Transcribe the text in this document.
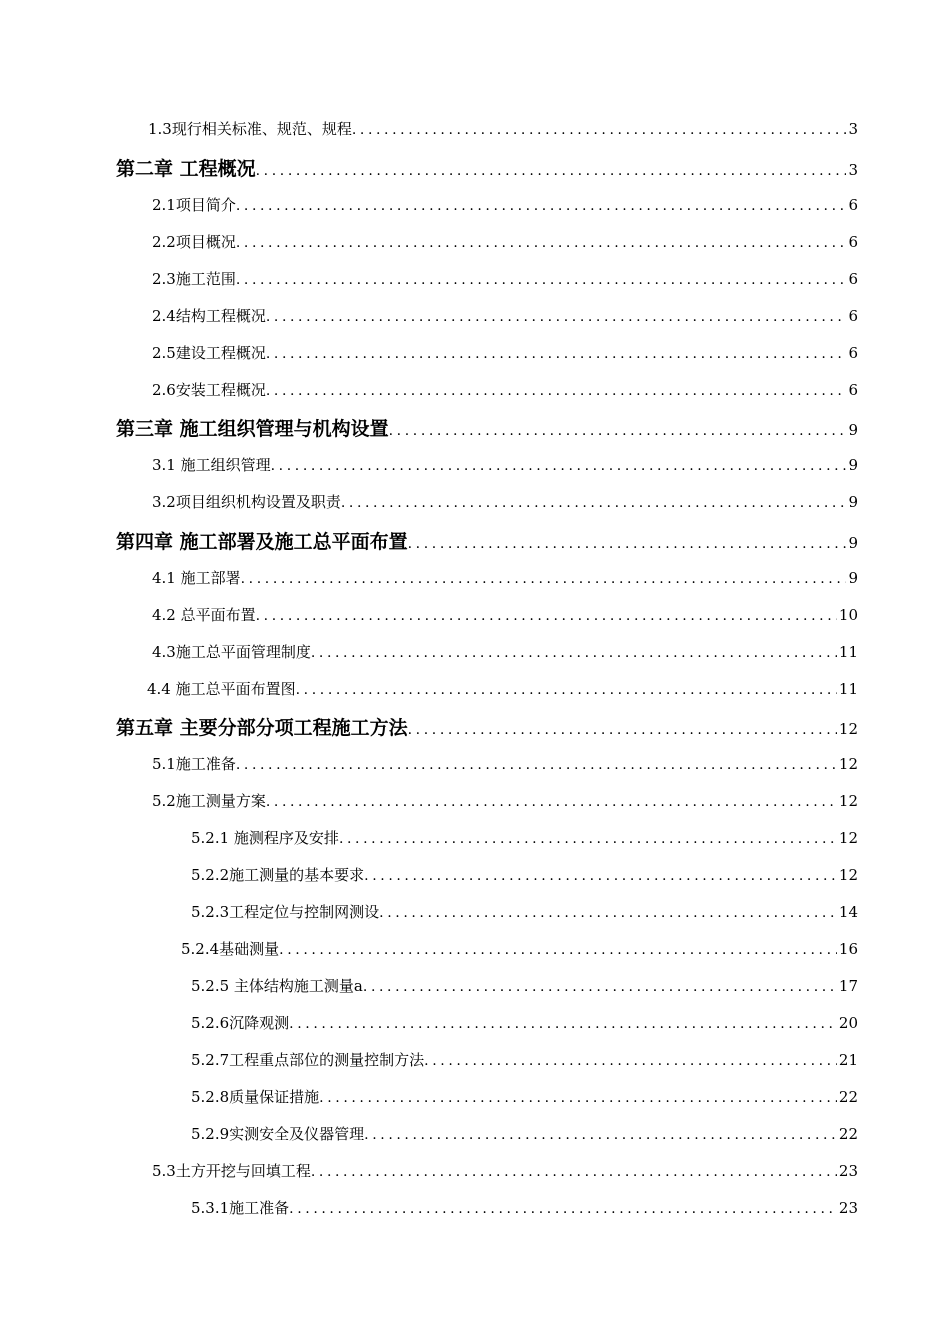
1.3现行相关标准、规范、规程 .....	3
第二章 工程概况 .....	3
2.1项目简介 .....	6
2.2项目概况 .....	6
2.3施工范围 .....	6
2.4结构工程概况 .....	6
2.5建设工程概况 .....	6
2.6安装工程概况 .....	6
第三章 施工组织管理与机构设置 .....	9
3.1 施工组织管理 .....	9
3.2项目组织机构设置及职责 .....	9
第四章 施工部署及施工总平面布置 .....	9
4.1 施工部署 .....	9
4.2 总平面布置 .....	10
4.3施工总平面管理制度 .....	11
4.4 施工总平面布置图 .....	11
第五章 主要分部分项工程施工方法 .....	12
5.1施工准备 .....	12
5.2施工测量方案 .....	12
5.2.1 施测程序及安排 .....	12
5.2.2施工测量的基本要求 .....	12
5.2.3工程定位与控制网测设 .....	14
5.2.4基础测量 .....	16
5.2.5 主体结构施工测量a .....	17
5.2.6沉降观测 .....	20
5.2.7工程重点部位的测量控制方法 .....	21
5.2.8质量保证措施 .....	22
5.2.9实测安全及仪器管理 .....	22
5.3土方开挖与回填工程 .....	23
5.3.1施工准备 .....	23
